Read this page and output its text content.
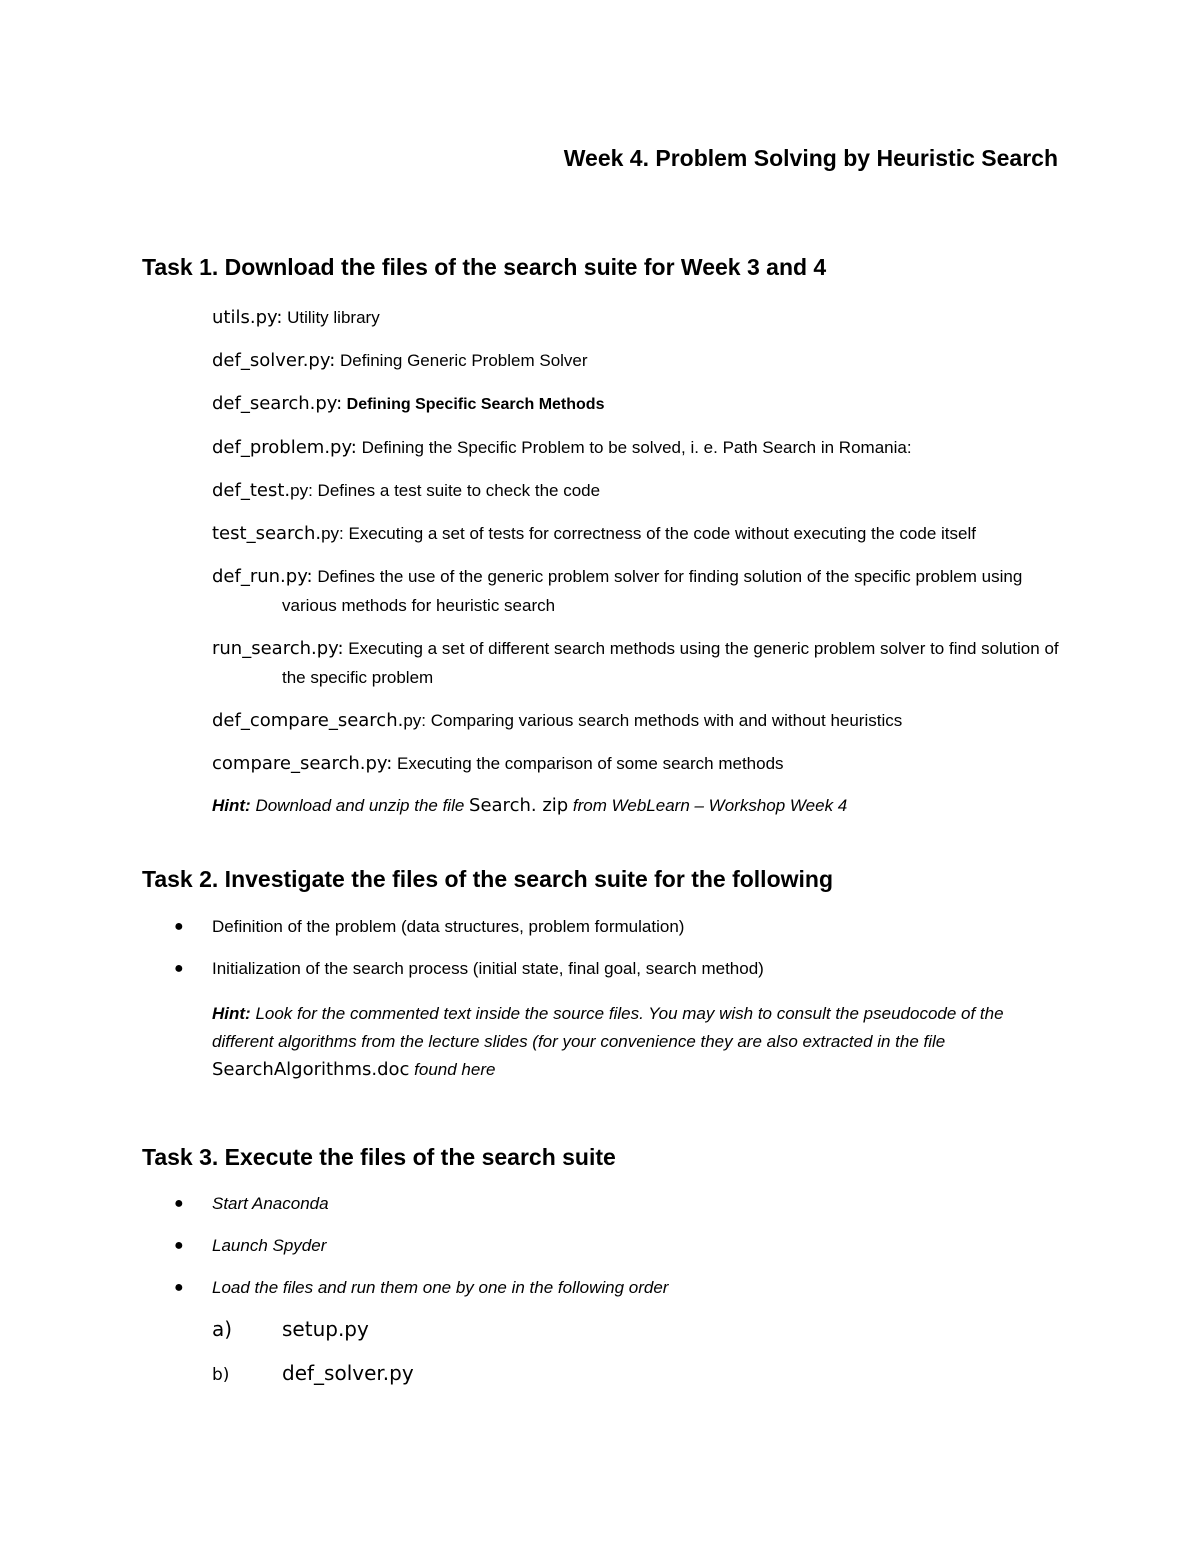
Week 4. Problem Solving by Heuristic Search
Task 1. Download the files of the search suite for Week 3 and 4
utils.py: Utility library
def_solver.py: Defining Generic Problem Solver
def_search.py: Defining Specific Search Methods
def_problem.py: Defining the Specific Problem to be solved, i. e. Path Search in Romania:
def_test.py: Defines a test suite to check the code
test_search.py: Executing a set of tests for correctness of the code without executing the code itself
def_run.py: Defines the use of the generic problem solver for finding solution of the specific problem using various methods for heuristic search
run_search.py: Executing a set of different search methods using the generic problem solver to find solution of the specific problem
def_compare_search.py: Comparing various search methods with and without heuristics
compare_search.py: Executing the comparison of some search methods
Hint: Download and unzip the file Search. zip from WebLearn – Workshop Week 4
Task 2. Investigate the files of the search suite for the following
● Definition of the problem (data structures, problem formulation)
● Initialization of the search process (initial state, final goal, search method)
Hint: Look for the commented text inside the source files. You may wish to consult the pseudocode of the different algorithms from the lecture slides (for your convenience they are also extracted in the file SearchAlgorithms.doc found here
Task 3. Execute the files of the search suite
● Start Anaconda
● Launch Spyder
● Load the files and run them one by one in the following order
a) setup.py
b)	def_solver.py
